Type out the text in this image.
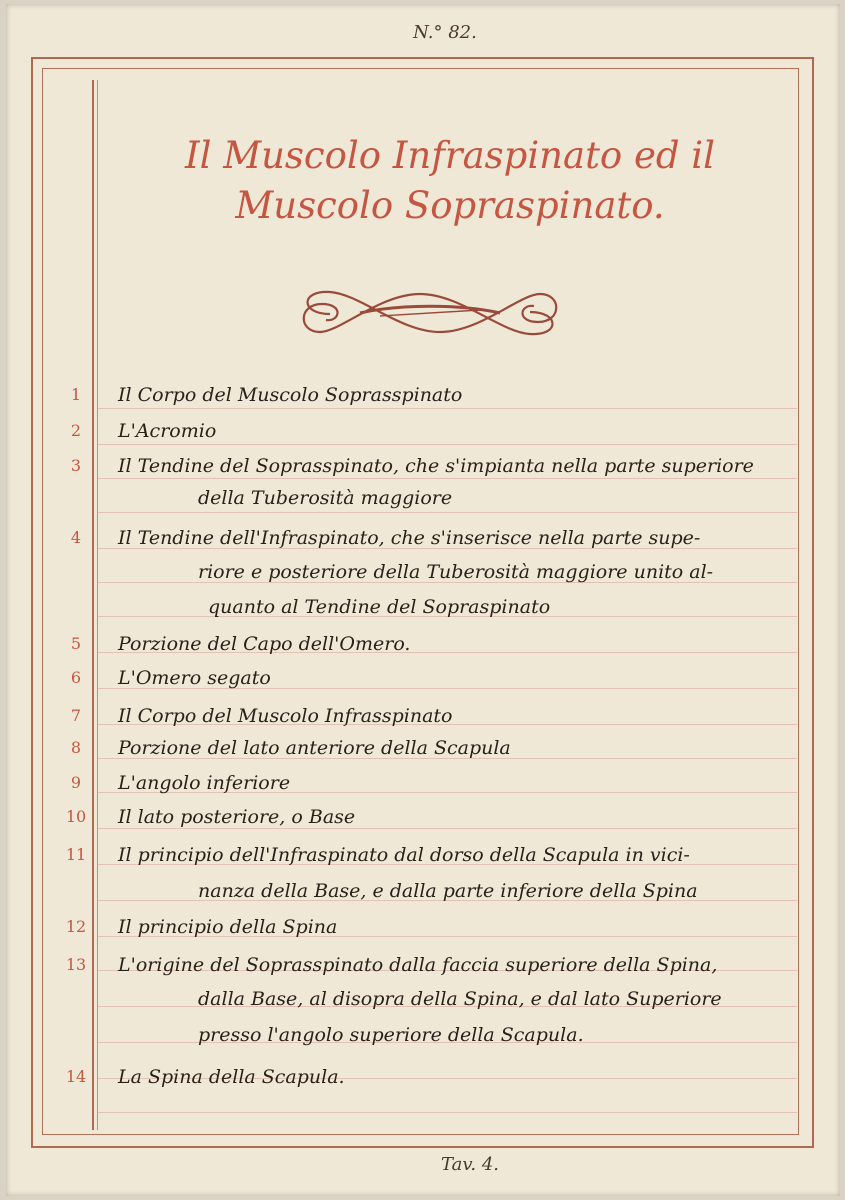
N.° 82.
Il Muscolo Infraspinato ed il
Muscolo Sopraspinato.
1	Il Corpo del Muscolo Soprasspinato
2	L'Acromio
3	Il Tendine del Soprasspinato, che s'impianta nella parte superiore
della Tuberosità maggiore
4	Il Tendine dell'Infraspinato, che s'inserisce nella parte supe-
riore e posteriore della Tuberosità maggiore unito al-
quanto al Tendine del Sopraspinato
5	Porzione del Capo dell'Omero.
6	L'Omero segato
7	Il Corpo del Muscolo Infrasspinato
8	Porzione del lato anteriore della Scapula
9	L'angolo inferiore
10	Il lato posteriore, o Base
11	Il principio dell'Infraspinato dal dorso della Scapula in vici-
nanza della Base, e dalla parte inferiore della Spina
12	Il principio della Spina
13	L'origine del Soprasspinato dalla faccia superiore della Spina,
dalla Base, al disopra della Spina, e dal lato Superiore
presso l'angolo superiore della Scapula.
14	La Spina della Scapula.
Tav. 4.
